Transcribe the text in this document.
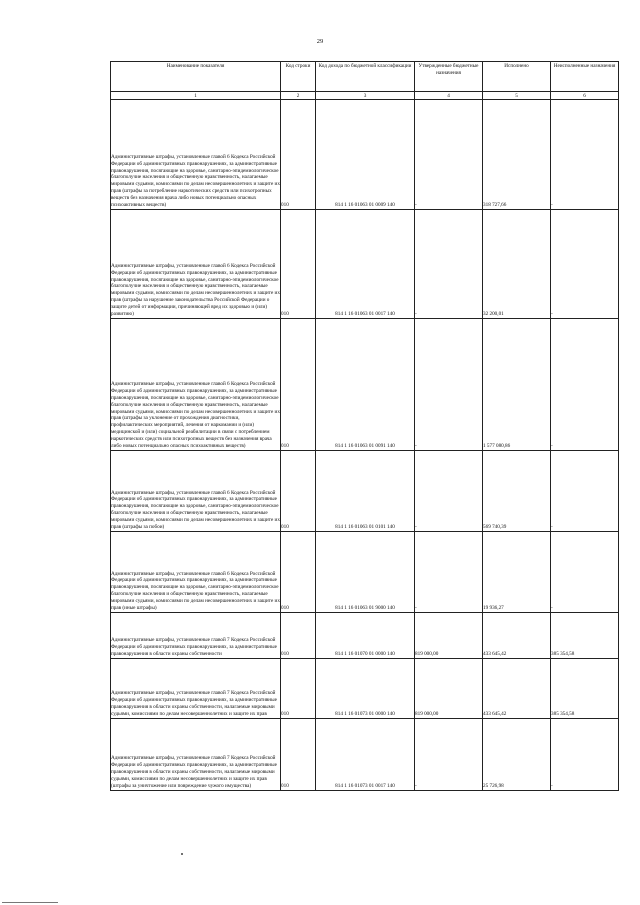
29
Наименование показателя	Код строки	Код дохода по бюджетной классификации	Утвержденные бюджетные назначения	Исполнено	Неисполненные назначения
1	2	3	4	5	6
Административные штрафы, установленные главой 6 Кодекса Российской Федерации об административных правонарушениях, за административные правонарушения, посягающие на здоровье, санитарно-эпидемиологическое благополучие населения и общественную нравственность, налагаемые мировыми судьями, комиссиями по делам несовершеннолетних и защите их прав (штрафы за потребление наркотических средств или психотропных веществ без назначения врача либо новых потенциально опасных психоактивных веществ)	010	814 1 16 01063 01 0009 140	-	318 727,66	-
Административные штрафы, установленные главой 6 Кодекса Российской Федерации об административных правонарушениях, за административные правонарушения, посягающие на здоровье, санитарно-эпидемиологическое благополучие населения и общественную нравственность, налагаемые мировыми судьями, комиссиями по делам несовершеннолетних и защите их прав (штрафы за нарушение законодательства Российской Федерации о защите детей от информации, причиняющей вред их здоровью и (или) развитию)	010	814 1 16 01063 01 0017 140	-	32 200,01	-
Административные штрафы, установленные главой 6 Кодекса Российской Федерации об административных правонарушениях, за административные правонарушения, посягающие на здоровье, санитарно-эпидемиологическое благополучие населения и общественную нравственность, налагаемые мировыми судьями, комиссиями по делам несовершеннолетних и защите их прав (штрафы за уклонение от прохождения диагностики, профилактических мероприятий, лечения от наркомании и (или) медицинской и (или) социальной реабилитации в связи с потреблением наркотических средств или психотропных веществ без назначения врача либо новых потенциально опасных психоактивных веществ)	010	814 1 16 01063 01 0091 140	-	1 577 080,86	-
Административные штрафы, установленные главой 6 Кодекса Российской Федерации об административных правонарушениях, за административные правонарушения, посягающие на здоровье, санитарно-эпидемиологическое благополучие населения и общественную нравственность, налагаемые мировыми судьями, комиссиями по делам несовершеннолетних и защите их прав (штрафы за побои)	010	814 1 16 01063 01 0101 140	-	569 740,39	-
Административные штрафы, установленные главой 6 Кодекса Российской Федерации об административных правонарушениях, за административные правонарушения, посягающие на здоровье, санитарно-эпидемиологическое благополучие населения и общественную нравственность, налагаемые мировыми судьями, комиссиями по делам несовершеннолетних и защите их прав (иные штрафы)	010	814 1 16 01063 01 9000 140	-	19 936,27	-
Административные штрафы, установленные главой 7 Кодекса Российской Федерации об административных правонарушениях, за административные правонарушения в области охраны собственности	010	814 1 16 01070 01 0000 140	819 000,00	433 645,42	385 354,58
Административные штрафы, установленные главой 7 Кодекса Российской Федерации об административных правонарушениях, за административные правонарушения в области охраны собственности, налагаемые мировыми судьями, комиссиями по делам несовершеннолетних и защите их прав	010	814 1 16 01073 01 0000 140	819 000,00	433 645,42	385 354,58
Административные штрафы, установленные главой 7 Кодекса Российской Федерации об административных правонарушениях, за административные правонарушения в области охраны собственности, налагаемые мировыми судьями, комиссиями по делам несовершеннолетних и защите их прав (штрафы за уничтожение или повреждение чужого имущества)	010	814 1 16 01073 01 0017 140	-	25 726,98	-
